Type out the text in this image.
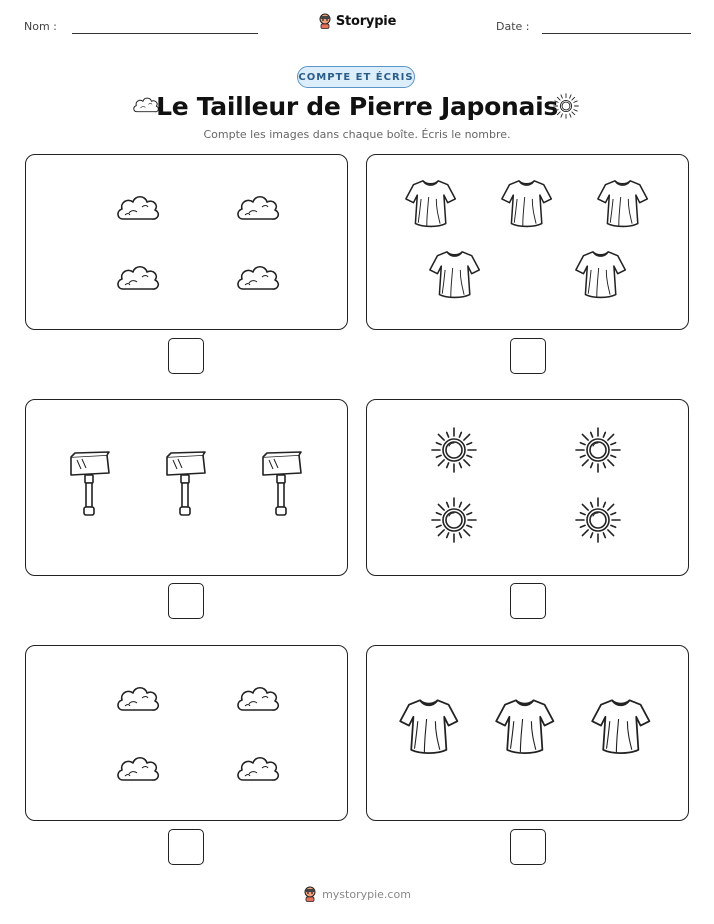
Nom :	Storypie	Date :
COMPTE ET ÉCRIS
Le Tailleur de Pierre Japonais
Compte les images dans chaque boîte. Écris le nombre.
mystorypie.com
